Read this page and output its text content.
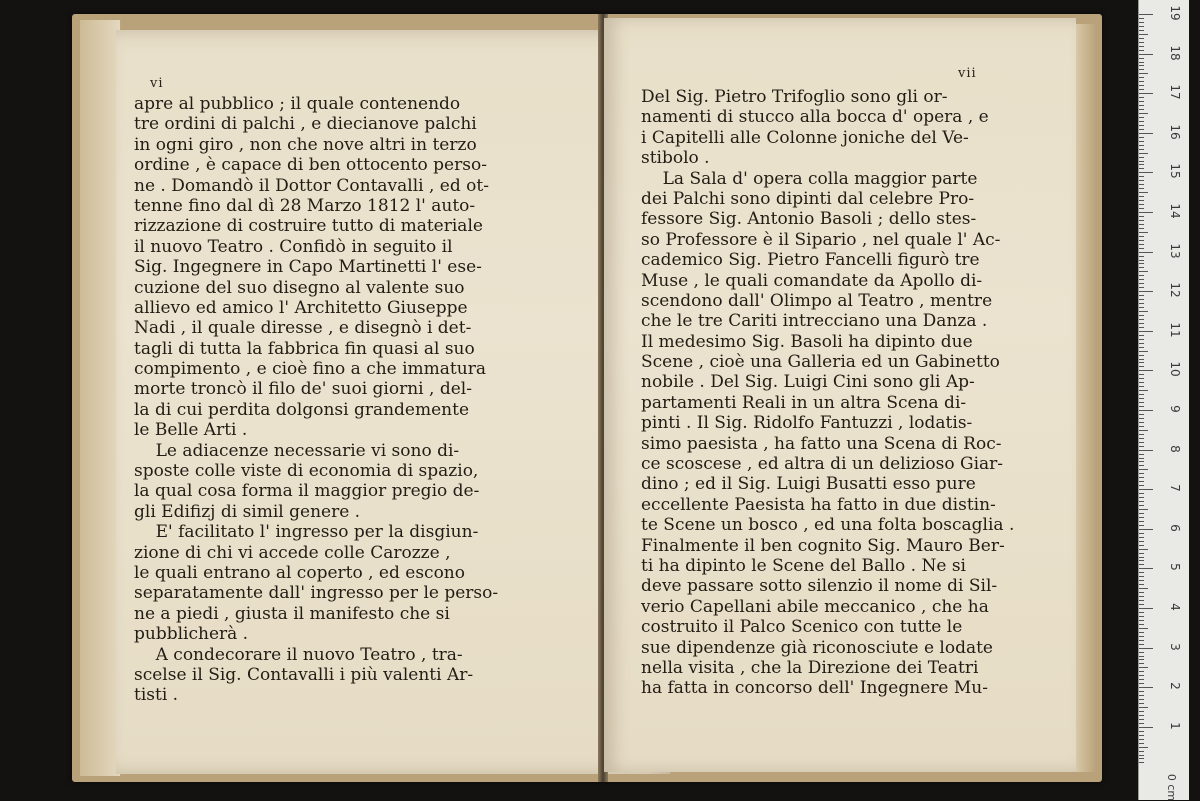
vi
vii
apre al pubblico ; il quale contenendo
tre ordini di palchi , e diecianove palchi
in ogni giro , non che nove altri in terzo
ordine , è capace di ben ottocento perso-
ne . Domandò il Dottor Contavalli , ed ot-
tenne fino dal dì 28 Marzo 1812 l' auto-
rizzazione di costruire tutto di materiale
il nuovo Teatro . Confidò in seguito il
Sig. Ingegnere in Capo Martinetti l' ese-
cuzione del suo disegno al valente suo
allievo ed amico l' Architetto Giuseppe
Nadi , il quale diresse , e disegnò i det-
tagli di tutta la fabbrica fin quasi al suo
compimento , e cioè fino a che immatura
morte troncò il filo de' suoi giorni , del-
la di cui perdita dolgonsi grandemente
le Belle Arti .
Le adiacenze necessarie vi sono di-
sposte colle viste di economia di spazio,
la qual cosa forma il maggior pregio de-
gli Edifizj di simil genere .
E' facilitato l' ingresso per la disgiun-
zione di chi vi accede colle Carozze ,
le quali entrano al coperto , ed escono
separatamente dall' ingresso per le perso-
ne a piedi , giusta il manifesto che si
pubblicherà .
A condecorare il nuovo Teatro , tra-
scelse il Sig. Contavalli i più valenti Ar-
tisti .
Del Sig. Pietro Trifoglio sono gli or-
namenti di stucco alla bocca d' opera , e
i Capitelli alle Colonne joniche del Ve-
stibolo .
La Sala d' opera colla maggior parte
dei Palchi sono dipinti dal celebre Pro-
fessore Sig. Antonio Basoli ; dello stes-
so Professore è il Sipario , nel quale l' Ac-
cademico Sig. Pietro Fancelli figurò tre
Muse , le quali comandate da Apollo di-
scendono dall' Olimpo al Teatro , mentre
che le tre Cariti intrecciano una Danza .
Il medesimo Sig. Basoli ha dipinto due
Scene , cioè una Galleria ed un Gabinetto
nobile . Del Sig. Luigi Cini sono gli Ap-
partamenti Reali in un altra Scena di-
pinti . Il Sig. Ridolfo Fantuzzi , lodatis-
simo paesista , ha fatto una Scena di Roc-
ce scoscese , ed altra di un delizioso Giar-
dino ; ed il Sig. Luigi Busatti esso pure
eccellente Paesista ha fatto in due distin-
te Scene un bosco , ed una folta boscaglia .
Finalmente il ben cognito Sig. Mauro Ber-
ti ha dipinto le Scene del Ballo . Ne si
deve passare sotto silenzio il nome di Sil-
verio Capellani abile meccanico , che ha
costruito il Palco Scenico con tutte le
sue dipendenze già riconosciute e lodate
nella visita , che la Direzione dei Teatri
ha fatta in concorso dell' Ingegnere Mu-
0 cm
19
18
17
16
15
14
13
12
11
10
9
8
7
6
5
4
3
2
1
